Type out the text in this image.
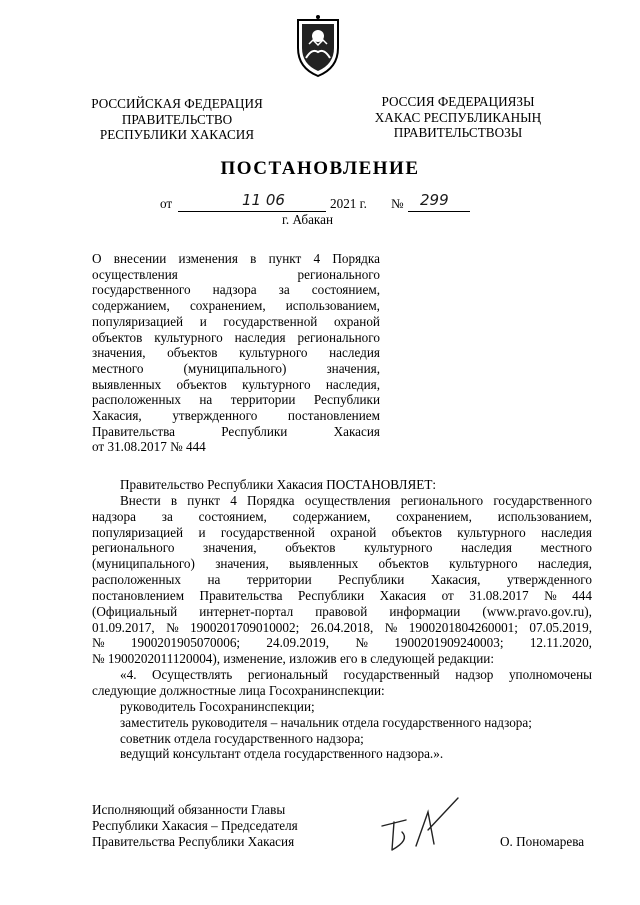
РОССИЙСКАЯ ФЕДЕРАЦИЯ
ПРАВИТЕЛЬСТВО
РЕСПУБЛИКИ ХАКАСИЯ
РОССИЯ ФЕДЕРАЦИЯЗЫ
ХАКАС РЕСПУБЛИКАНЫҢ
ПРАВИТЕЛЬСТВОЗЫ
ПОСТАНОВЛЕНИЕ
от	11 06	2021 г. № 299
г. Абакан
О внесении изменения в пункт 4 Порядка
осуществления	регионального
государственного надзора за состоянием,
содержанием, сохранением, использованием,
популяризацией и государственной охраной
объектов культурного наследия регионального
значения, объектов культурного наследия
местного	(муниципального)	значения,
выявленных объектов культурного наследия,
расположенных на территории Республики
Хакасия, утвержденного постановлением
Правительства	Республики	Хакасия
от 31.08.2017 № 444
Правительство Республики Хакасия ПОСТАНОВЛЯЕТ:
Внести в пункт 4 Порядка осуществления регионального государственного
надзора за состоянием, содержанием, сохранением, использованием,
популяризацией и государственной охраной объектов культурного наследия
регионального значения, объектов культурного наследия местного
(муниципального) значения, выявленных объектов культурного наследия,
расположенных на территории Республики Хакасия, утвержденного
постановлением Правительства Республики Хакасия от 31.08.2017 № 444
(Официальный интернет-портал правовой информации (www.pravo.gov.ru),
01.09.2017, № 1900201709010002; 26.04.2018, № 1900201804260001; 07.05.2019,
№ 1900201905070006; 24.09.2019, № 1900201909240003; 12.11.2020,
№ 1900202011120004), изменение, изложив его в следующей редакции:
«4. Осуществлять региональный государственный надзор уполномочены
следующие должностные лица Госохранинспекции:
руководитель Госохранинспекции;
заместитель руководителя – начальник отдела государственного надзора;
советник отдела государственного надзора;
ведущий консультант отдела государственного надзора.».
Исполняющий обязанности Главы
Республики Хакасия – Председателя
Правительства Республики Хакасия	О. Пономарева
